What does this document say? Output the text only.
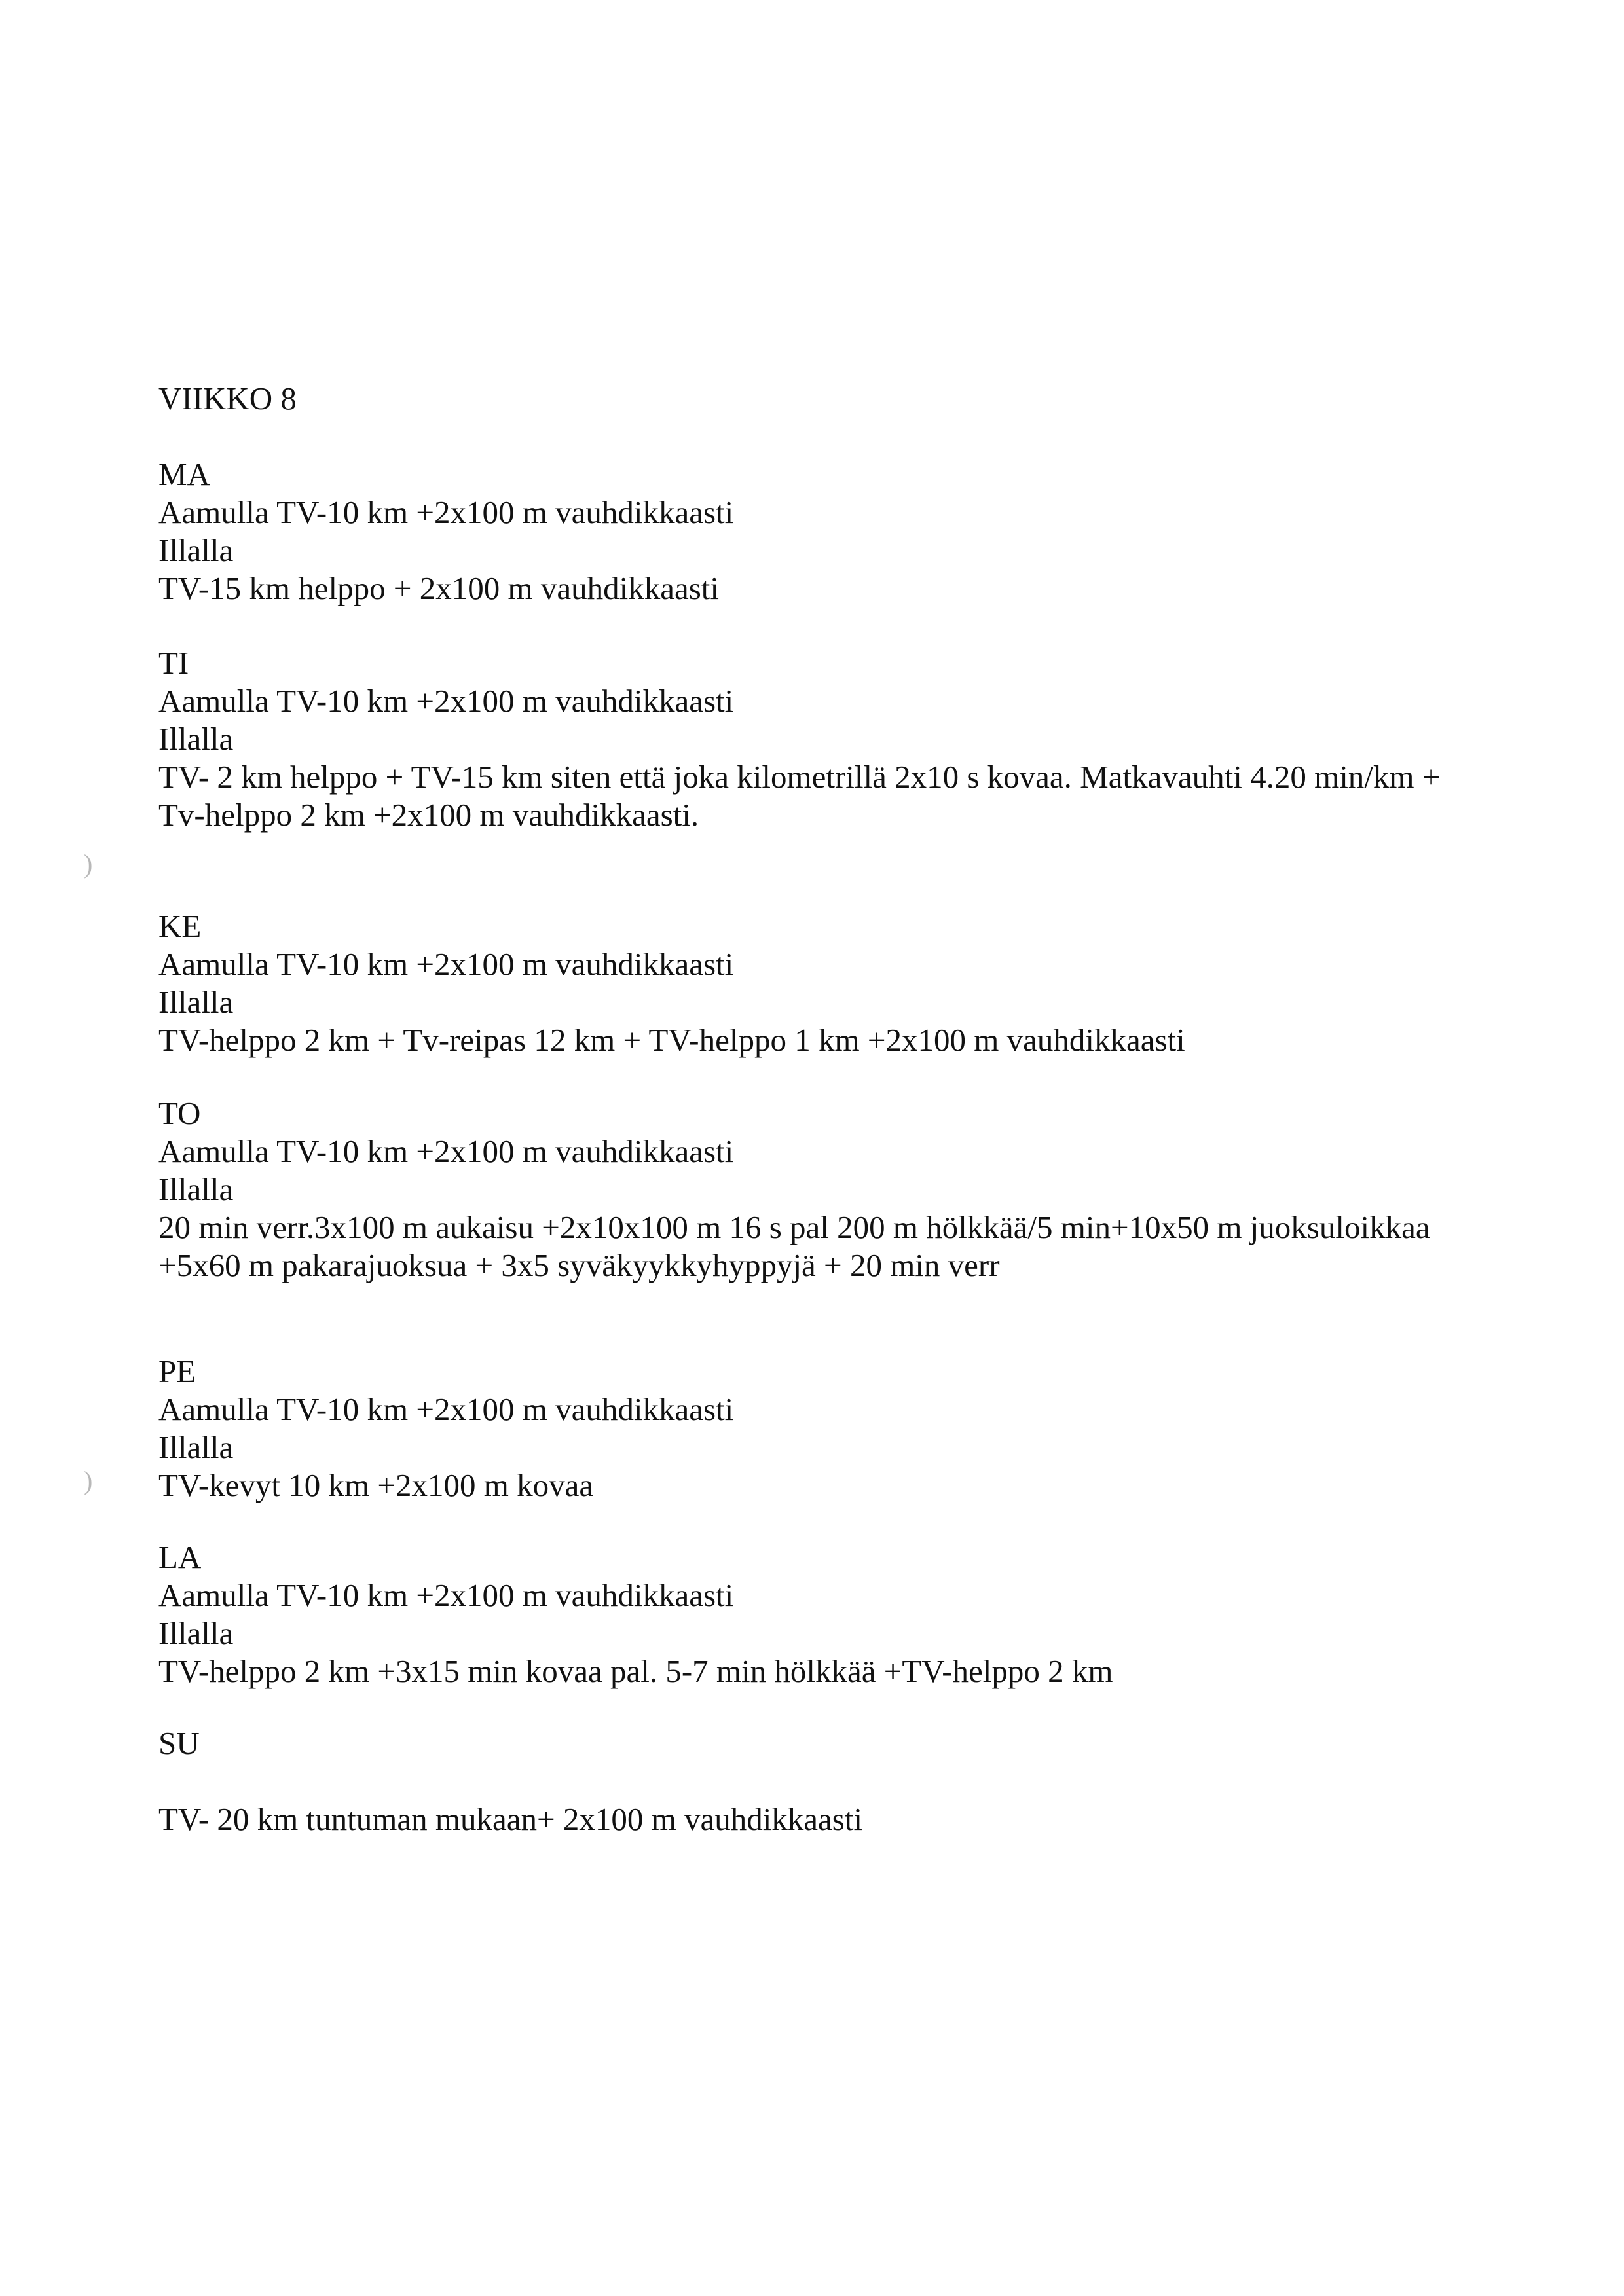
VIIKKO 8
MA
Aamulla TV-10 km +2x100 m vauhdikkaasti
Illalla
TV-15 km helppo + 2x100 m vauhdikkaasti
TI
Aamulla TV-10 km +2x100 m vauhdikkaasti
Illalla
TV- 2 km helppo + TV-15 km siten että joka kilometrillä 2x10 s kovaa. Matkavauhti 4.20 min/km +
Tv-helppo 2 km +2x100 m vauhdikkaasti.
KE
Aamulla TV-10 km +2x100 m vauhdikkaasti
Illalla
TV-helppo 2 km + Tv-reipas 12 km + TV-helppo 1 km +2x100 m vauhdikkaasti
TO
Aamulla TV-10 km +2x100 m vauhdikkaasti
Illalla
20 min verr.3x100 m aukaisu +2x10x100 m 16 s pal 200 m hölkkää/5 min+10x50 m juoksuloikkaa
+5x60 m pakarajuoksua + 3x5 syväkyykkyhyppyjä + 20 min verr
PE
Aamulla TV-10 km +2x100 m vauhdikkaasti
Illalla
TV-kevyt 10 km +2x100 m kovaa
LA
Aamulla TV-10 km +2x100 m vauhdikkaasti
Illalla
TV-helppo 2 km +3x15 min kovaa pal. 5-7 min hölkkää +TV-helppo 2 km
SU
TV- 20 km tuntuman mukaan+ 2x100 m vauhdikkaasti
)
)
